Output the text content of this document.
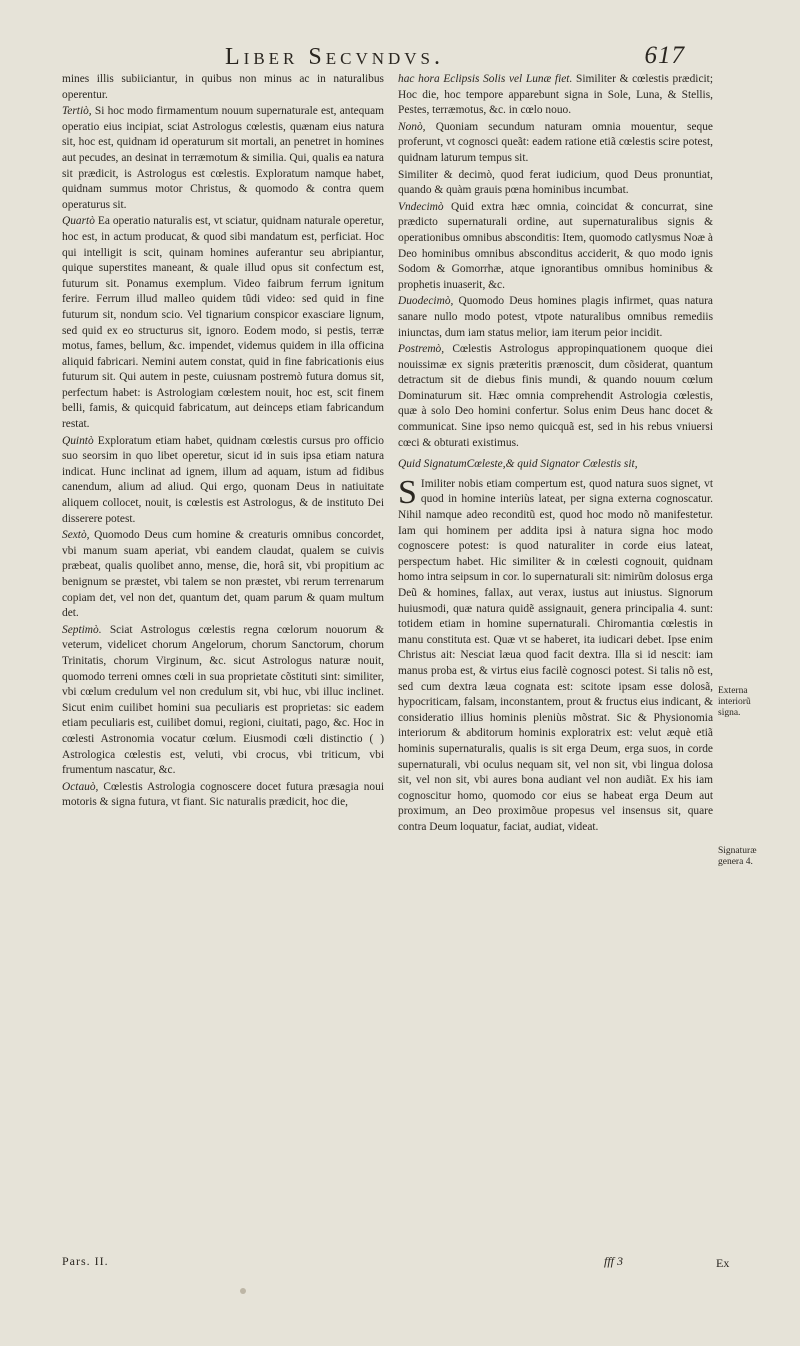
Liber Secvndvs.	617

mines illis subiiciantur, in quibus non minus ac in naturalibus operentur.

Tertiò, Si hoc modo firmamentum nouum supernaturale est, antequam operatio eius incipiat, sciat Astrologus cœlestis, quænam eius natura sit, hoc est, quidnam id operaturum sit mortali, an penetret in homines aut pecudes, an desinat in terræmotum & similia. Qui, qualis ea natura sit prædicit, is Astrologus est cœlestis. Exploratum namque habet, quidnam summus motor Christus, & quomodo & contra quem operaturus sit.

Quartò Ea operatio naturalis est, vt sciatur, quidnam naturale operetur, hoc est, in actum producat, & quod sibi mandatum est, perficiat. Hoc qui intelligit is scit, quinam homines auferantur seu abripiantur, quique superstites maneant, & quale illud opus sit confectum est, futurum sit. Ponamus exemplum. Video faibrum ferrum ignitum ferire. Ferrum illud malleo quidem tûdi video: sed quid in fine futurum sit, nondum scio. Vel tignarium conspicor exasciare lignum, sed quid ex eo structurus sit, ignoro. Eodem modo, si pestis, terræ motus, fames, bellum, &c. impendet, videmus quidem in illa officina aliquid fabricari. Nemini autem constat, quid in fine fabricationis eius futurum sit. Qui autem in peste, cuiusnam postremò futura domus sit, perfectum habet: is Astrologiam cœlestem nouit, hoc est, scit finem belli, famis, & quicquid fabricatum, aut deinceps etiam fabricandum restat.

Quintò Exploratum etiam habet, quidnam cœlestis cursus pro officio suo seorsim in quo libet operetur, sicut id in suis ipsa etiam natura indicat. Hunc inclinat ad ignem, illum ad aquam, istum ad fidibus canendum, alium ad aliud. Qui ergo, quonam Deus in natiuitate aliquem collocet, nouit, is cœlestis est Astrologus, & de instituto Dei disserere potest.

Sextò, Quomodo Deus cum homine & creaturis omnibus concordet, vbi manum suam aperiat, vbi eandem claudat, qualem se cuivis præbeat, qualis quolibet anno, mense, die, horâ sit, vbi propitium ac benignum se præstet, vbi talem se non præstet, vbi rerum terrenarum copiam det, vel non det, quantum det, quam parum & quam multum det.

Septimò. Sciat Astrologus cœlestis regna cœlorum nouorum & veterum, videlicet chorum Angelorum, chorum Sanctorum, chorum Trinitatis, chorum Virginum, &c. sicut Astrologus naturæ nouit, quomodo terreni omnes cœli in sua proprietate cõstituti sint: similiter, vbi cœlum credulum vel non credulum sit, vbi huc, vbi illuc inclinet. Sicut enim cuilibet homini sua peculiaris est proprietas: sic eadem etiam peculiaris est, cuilibet domui, regioni, ciuitati, pago, &c. Hoc in cœlesti Astronomia vocatur cœlum. Eiusmodi cœli distinctio ( ) Astrologica cœlestis est, veluti, vbi crocus, vbi triticum, vbi frumentum nascatur, &c.

Octauò, Cœlestis Astrologia cognoscere docet futura præsagia noui motoris & signa futura, vt fiant. Sic naturalis prædicit, hoc die,

hac hora Eclipsis Solis vel Lunæ fiet. Similiter & cœlestis prædicit; Hoc die, hoc tempore apparebunt signa in Sole, Luna, & Stellis, Pestes, terræmotus, &c. in cœlo nouo.

Nonò, Quoniam secundum naturam omnia mouentur, seque proferunt, vt cognosci queãt: eadem ratione etiã cœlestis scire potest, quidnam laturum tempus sit.

Similiter & decimò, quod ferat iudicium, quod Deus pronuntiat, quando & quàm grauis pœna hominibus incumbat.

Vndecimò Quid extra hæc omnia, coincidat & concurrat, sine prædicto supernaturali ordine, aut supernaturalibus signis & operationibus omnibus absconditis: Item, quomodo catlysmus Noæ à Deo hominibus omnibus absconditus acciderit, & quo modo ignis Sodom & Gomorrhæ, atque ignorantibus omnibus hominibus & prophetis inuaserit, &c.

Duodecimò, Quomodo Deus homines plagis infirmet, quas natura sanare nullo modo potest, vtpote naturalibus omnibus remediis iniunctas, dum iam status melior, iam iterum peior incidit.

Postremò, Cœlestis Astrologus appropinquationem quoque diei nouissimæ ex signis præteritis prænoscit, dum cõsiderat, quantum detractum sit de diebus finis mundi, & quando nouum cœlum Dominaturum sit. Hæc omnia comprehendit Astrologia cœlestis, quæ à solo Deo homini confertur. Solus enim Deus hanc docet & communicat. Sine ipso nemo quicquã est, sed in his rebus vniuersi cœci & obturati existimus.

Quid SignatumCœleste,& quid Signator Cœlestis sit,

S Imiliter nobis etiam compertum est, quod natura suos signet, vt quod in homine interiùs lateat, per signa externa cognoscatur. Nihil namque adeo reconditũ est, quod hoc modo nõ manifestetur. Iam qui hominem per addita ipsi à natura signa hoc modo cognoscere potest: is quod naturaliter in corde eius lateat, perspectum habet. Hic similiter & in cœlesti cognouit, quidnam homo intra seipsum in cor. lo supernaturali sit: nimirũm dolosus erga Deũ & homines, fallax, aut verax, iustus aut iniustus. Signorum huiusmodi, quæ natura quidẽ assignauit, genera principalia 4. sunt: totidem etiam in homine supernaturali. Chiromantia cœlestis in manu constituta est. Quæ vt se haberet, ita iudicari debet. Ipse enim Christus ait: Nesciat læua quod facit dextra. Illa si id nescit: iam manus proba est, & virtus eius facilè cognosci potest. Si talis nõ est, sed cum dextra læua cognata est: scitote ipsam esse dolosã, hypocriticam, falsam, inconstantem, prout & fructus eius indicant, & consideratio illius hominis pleniùs mõstrat. Sic & Physionomia interiorum & abditorum hominis exploratrix est: velut æquè etiã hominis supernaturalis, qualis is sit erga Deum, erga suos, in corde supernaturali, vbi oculus nequam sit, vel non sit, vbi lingua dolosa sit, vel non sit, vbi aures bona audiant vel non audiãt. Ex his iam cognoscitur homo, quomodo cor eius se habeat erga Deum aut proximum, an Deo proximõue propesus vel insensus sit, quare contra Deum loquatur, faciat, audiat, videat.

Externa interiorũ signa.
Signaturæ genera 4.
Pars. II.	fff 3	Ex
